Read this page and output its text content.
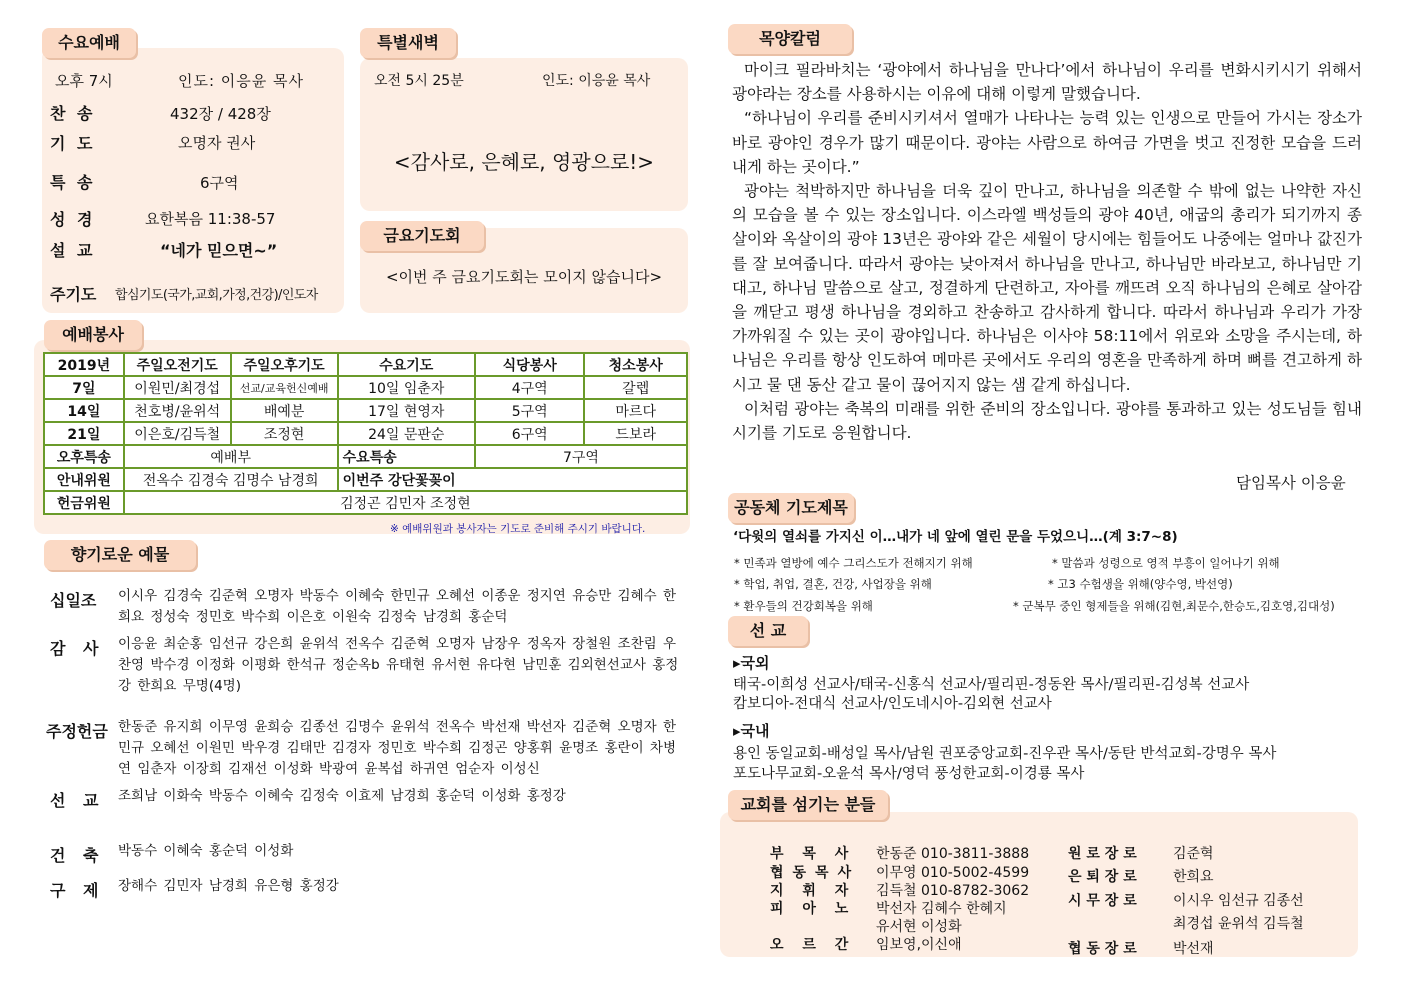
수요예배
오후 7시	인도: 이응윤 목사
찬 송	432장 / 428장
기 도	오명자 권사
특 송	6구역
성 경	요한복음 11:38-57
설 교	“네가 믿으면~”
주기도 합심기도(국가,교회,가정,건강)/인도자
특별새벽
오전 5시 25분	인도: 이응윤 목사
<감사로, 은혜로, 영광으로!>
금요기도회
<이번 주 금요기도회는 모이지 않습니다>
예배봉사
2019년	주일오전기도	주일오후기도	수요기도	식당봉사	청소봉사
7일	이원민/최경섭	선교/교육헌신예배	10일 임춘자	4구역	갈렙
14일	천호병/윤위석	배예분	17일 현영자	5구역	마르다
21일	이은호/김득철	조정현	24일 문판순	6구역	드보라
오후특송	예배부		수요특송	7구역	
안내위원	전옥수 김경숙 김명수 남경희		이번주 강단꽃꽂이		
헌금위원	김정곤 김민자 조정현				
※ 예배위원과 봉사자는 기도로 준비해 주시기 바랍니다.
향기로운 예물
십일조 이시우 김경숙 김준혁 오명자 박동수 이혜숙 한민규 오혜선 이종운 정지연 유승만 김혜수 한희요 정성숙 정민호 박수희 이은호 이원숙 김정숙 남경희 홍순덕
감 사 이응윤 최순홍 임선규 강은희 윤위석 전옥수 김준혁 오명자 남장우 정옥자 장철원 조찬림 우찬영 박수경 이정화 이평화 한석규 정순옥b 유태현 유서현 유다현 남민훈 김외현선교사 홍정강 한희요 무명(4명)
주정헌금 한동준 유지희 이무영 윤희승 김종선 김명수 윤위석 전옥수 박선재 박선자 김준혁 오명자 한민규 오혜선 이원민 박우경 김태만 김경자 정민호 박수희 김정곤 양홍휘 윤명조 홍란이 차병연 임춘자 이장희 김재선 이성화 박광여 윤복섭 하귀연 엄순자 이성신
선 교 조희남 이화숙 박동수 이혜숙 김정숙 이효제 남경희 홍순덕 이성화 홍정강
건 축 박동수 이혜숙 홍순덕 이성화
구 제 장해수 김민자 남경희 유은형 홍정강
목양칼럼

마이크 필라바치는 ‘광야에서 하나님을 만나다’에서 하나님이 우리를 변화시키시기 위해서 광야라는 장소를 사용하시는 이유에 대해 이렇게 말했습니다.

“하나님이 우리를 준비시키셔서 열매가 나타나는 능력 있는 인생으로 만들어 가시는 장소가 바로 광야인 경우가 많기 때문이다. 광야는 사람으로 하여금 가면을 벗고 진정한 모습을 드러내게 하는 곳이다.”

광야는 척박하지만 하나님을 더욱 깊이 만나고, 하나님을 의존할 수 밖에 없는 나약한 자신의 모습을 볼 수 있는 장소입니다. 이스라엘 백성들의 광야 40년, 애굽의 총리가 되기까지 종살이와 옥살이의 광야 13년은 광야와 같은 세월이 당시에는 힘들어도 나중에는 얼마나 값진가를 잘 보여줍니다. 따라서 광야는 낮아져서 하나님을 만나고, 하나님만 바라보고, 하나님만 기대고, 하나님 말씀으로 살고, 정결하게 단련하고, 자아를 깨뜨려 오직 하나님의 은혜로 살아감을 깨닫고 평생 하나님을 경외하고 찬송하고 감사하게 합니다. 따라서 하나님과 우리가 가장 가까워질 수 있는 곳이 광야입니다. 하나님은 이사야 58:11에서 위로와 소망을 주시는데, 하나님은 우리를 항상 인도하여 메마른 곳에서도 우리의 영혼을 만족하게 하며 뼈를 견고하게 하시고 물 댄 동산 같고 물이 끊어지지 않는 샘 같게 하십니다.

이처럼 광야는 축복의 미래를 위한 준비의 장소입니다. 광야를 통과하고 있는 성도님들 힘내시기를 기도로 응원합니다.

담임목사 이응윤
공동체 기도제목
‘다윗의 열쇠를 가지신 이…내가 네 앞에 열린 문을 두었으니…(계 3:7~8)
* 민족과 열방에 예수 그리스도가 전해지기 위해	* 말씀과 성령으로 영적 부흥이 일어나기 위해
* 학업, 취업, 결혼, 건강, 사업장을 위해	* 고3 수험생을 위해(양수영, 박선영)
* 환우들의 건강회복을 위해	* 군복무 중인 형제들을 위해(김현,최문수,한승도,김호영,김대성)
선 교
▸국외
태국-이희성 선교사/태국-신홍식 선교사/필리핀-정동완 목사/필리핀-김성복 선교사
캄보디아-전대식 선교사/인도네시아-김외현 선교사
▸국내
용인 동일교회-배성일 목사/남원 권포중앙교회-진우관 목사/동탄 반석교회-강명우 목사
포도나무교회-오윤석 목사/영덕 풍성한교회-이경룡 목사
교회를 섬기는 분들
부 목 사 한동준 010-3811-3888
협동목사 이무영 010-5002-4599
지 휘 자 김득철 010-8782-3062
피 아 노 박선자 김혜수 한혜지
유서현 이성화
오 르 간 임보영,이신애
원 로 장 로	김준혁
은 퇴 장 로	한희요
시 무 장 로	이시우 임선규 김종선
최경섭 윤위석 김득철
협 동 장 로	박선재
